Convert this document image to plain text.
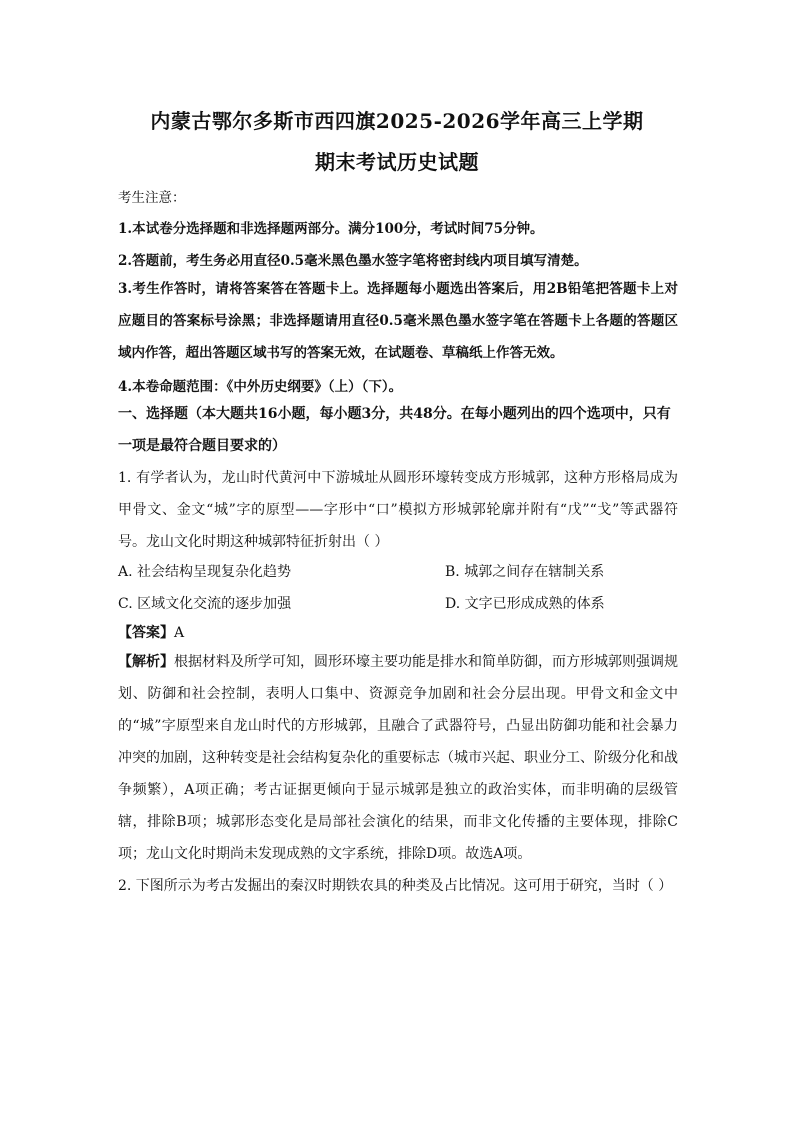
内蒙古鄂尔多斯市西四旗2025-2026学年高三上学期
期末考试历史试题
考生注意：
1.本试卷分选择题和非选择题两部分。满分100分，考试时间75分钟。
2.答题前，考生务必用直径0.5毫米黑色墨水签字笔将密封线内项目填写清楚。
3.考生作答时，请将答案答在答题卡上。选择题每小题选出答案后，用2B铅笔把答题卡上对应题目的答案标号涂黑；非选择题请用直径0.5毫米黑色墨水签字笔在答题卡上各题的答题区域内作答，超出答题区域书写的答案无效，在试题卷、草稿纸上作答无效。
4.本卷命题范围：《中外历史纲要》（上）（下）。
一、选择题（本大题共16小题，每小题3分，共48分。在每小题列出的四个选项中，只有一项是最符合题目要求的）
1. 有学者认为，龙山时代黄河中下游城址从圆形环壕转变成方形城郭，这种方形格局成为甲骨文、金文“城”字的原型——字形中“口”模拟方形城郭轮廓并附有“戊”“戈”等武器符号。龙山文化时期这种城郭特征折射出（ ）
A. 社会结构呈现复杂化趋势	B. 城郭之间存在辖制关系
C. 区域文化交流的逐步加强	D. 文字已形成成熟的体系
【答案】A
【解析】根据材料及所学可知，圆形环壕主要功能是排水和简单防御，而方形城郭则强调规划、防御和社会控制，表明人口集中、资源竞争加剧和社会分层出现。甲骨文和金文中的“城”字原型来自龙山时代的方形城郭，且融合了武器符号，凸显出防御功能和社会暴力冲突的加剧，这种转变是社会结构复杂化的重要标志（城市兴起、职业分工、阶级分化和战争频繁），A项正确；考古证据更倾向于显示城郭是独立的政治实体，而非明确的层级管辖，排除B项；城郭形态变化是局部社会演化的结果，而非文化传播的主要体现，排除C项；龙山文化时期尚未发现成熟的文字系统，排除D项。故选A项。
2. 下图所示为考古发掘出的秦汉时期铁农具的种类及占比情况。这可用于研究，当时（ ）
